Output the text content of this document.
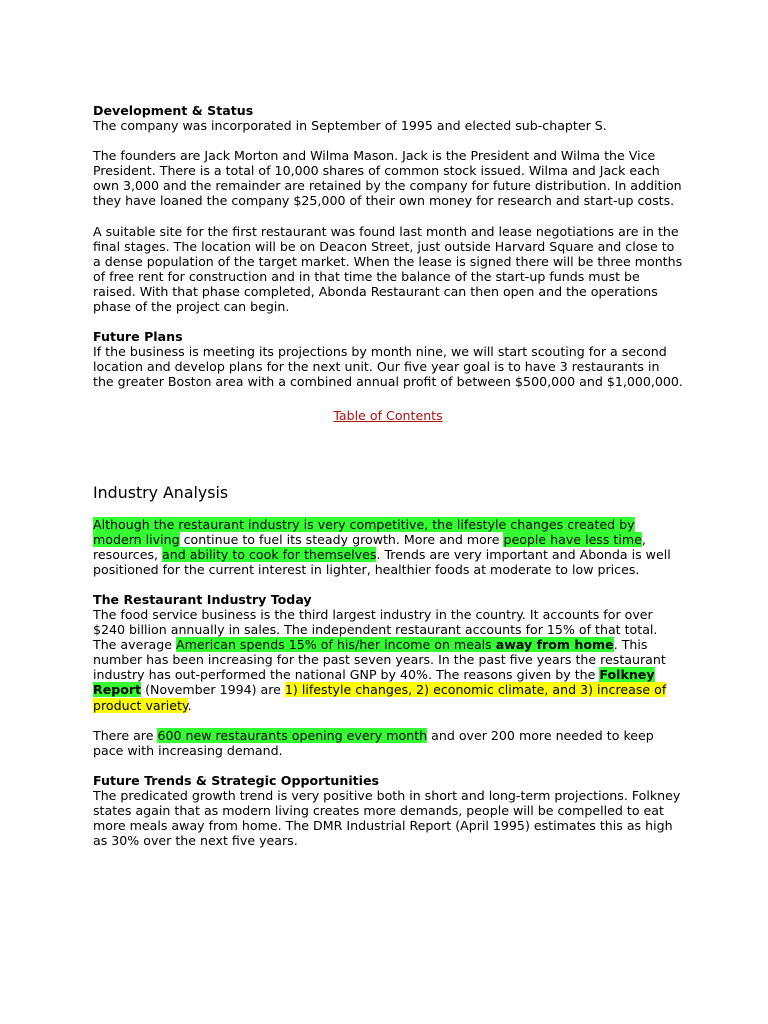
Development & Status

The company was incorporated in September of 1995 and elected sub-chapter S.

The founders are Jack Morton and Wilma Mason. Jack is the President and Wilma the Vice President. There is a total of 10,000 shares of common stock issued. Wilma and Jack each own 3,000 and the remainder are retained by the company for future distribution. In addition they have loaned the company $25,000 of their own money for research and start-up costs.

A suitable site for the first restaurant was found last month and lease negotiations are in the final stages. The location will be on Deacon Street, just outside Harvard Square and close to a dense population of the target market. When the lease is signed there will be three months of free rent for construction and in that time the balance of the start-up funds must be raised. With that phase completed, Abonda Restaurant can then open and the operations phase of the project can begin.

Future Plans

If the business is meeting its projections by month nine, we will start scouting for a second location and develop plans for the next unit. Our five year goal is to have 3 restaurants in the greater Boston area with a combined annual profit of between $500,000 and $1,000,000.

Table of Contents

Industry Analysis

Although the restaurant industry is very competitive, the lifestyle changes created by modern living continue to fuel its steady growth. More and more people have less time, resources, and ability to cook for themselves. Trends are very important and Abonda is well positioned for the current interest in lighter, healthier foods at moderate to low prices.

The Restaurant Industry Today

The food service business is the third largest industry in the country. It accounts for over $240 billion annually in sales. The independent restaurant accounts for 15% of that total. The average American spends 15% of his/her income on meals away from home. This number has been increasing for the past seven years. In the past five years the restaurant industry has out-performed the national GNP by 40%. The reasons given by the Folkney Report (November 1994) are 1) lifestyle changes, 2) economic climate, and 3) increase of product variety.

There are 600 new restaurants opening every month and over 200 more needed to keep pace with increasing demand.

Future Trends & Strategic Opportunities

The predicated growth trend is very positive both in short and long-term projections. Folkney states again that as modern living creates more demands, people will be compelled to eat more meals away from home. The DMR Industrial Report (April 1995) estimates this as high as 30% over the next five years.
